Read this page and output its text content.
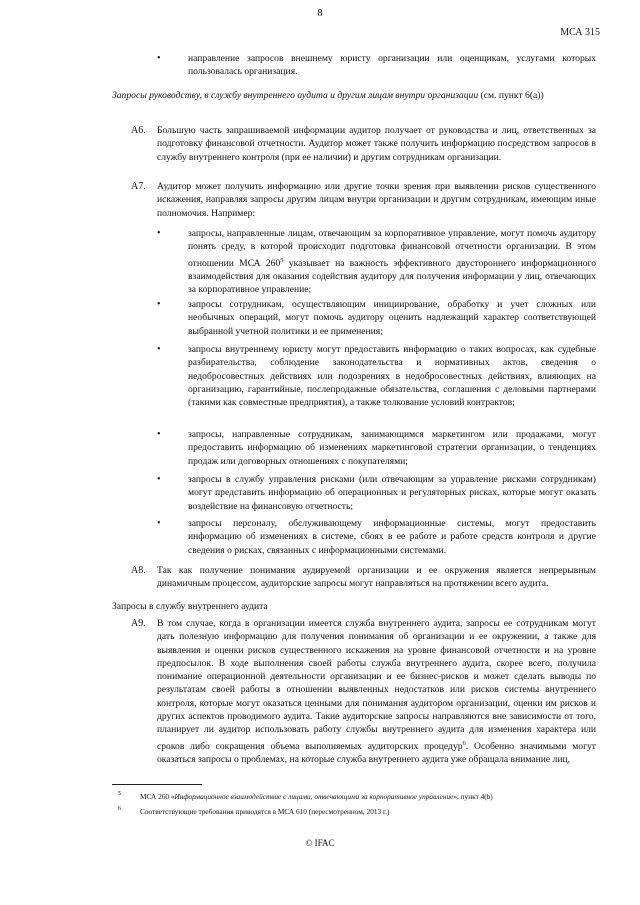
8
МСА 315
•	направление запросов внешнему юристу организации или оценщикам, услугами которых пользовалась организация.
Запросы руководству, в службу внутреннего аудита и другим лицам внутри организации (см. пункт 6(а))
A6. Большую часть запрашиваемой информации аудитор получает от руководства и лиц, ответственных за подготовку финансовой отчетности. Аудитор может также получить информацию посредством запросов в службу внутреннего контроля (при ее наличии) и другим сотрудникам организации.
A7. Аудитор может получить информацию или другие точки зрения при выявлении рисков существенного искажения, направляя запросы другим лицам внутри организации и другим сотрудникам, имеющим иные полномочия. Например:
•	запросы, направленные лицам, отвечающим за корпоративное управление, могут помочь аудитору понять среду, в которой происходит подготовка финансовой отчетности организации. В этом отношении МСА $260^5$ указывает на важность эффективного двустороннего информационного взаимодействия для оказания содействия аудитору для получения информации у лиц, отвечающих за корпоративное управление;
•	запросы сотрудникам, осуществляющим инициирование, обработку и учет сложных или необычных операций, могут помочь аудитору оценить надлежащий характер соответствующей выбранной учетной политики и ее применения;
•	запросы внутреннему юристу могут предоставить информацию о таких вопросах, как судебные разбирательства, соблюдение законодательства и нормативных актов, сведения о недобросовестных действиях или подозрениях в недобросовестных действиях, влияющих на организацию, гарантийные, послепродажные обязательства, соглашения с деловыми партнерами (такими как совместные предприятия), а также толкование условий контрактов;
•	запросы, направленные сотрудникам, занимающимся маркетингом или продажами, могут предоставить информацию об изменениях маркетинговой стратегии организации, о тенденциях продаж или договорных отношениях с покупателями;
•	запросы в службу управления рисками (или отвечающим за управление рисками сотрудникам) могут представить информацию об операционных и регуляторных рисках, которые могут оказать воздействие на финансовую отчетность;
•	запросы персоналу, обслуживающему информационные системы, могут предоставить информацию об изменениях в системе, сбоях в ее работе и работе средств контроля и другие сведения о рисках, связанных с информационными системами.
A8. Так как получение понимания аудируемой организации и ее окружения является непрерывным динамичным процессом, аудиторские запросы могут направляться на протяжении всего аудита.
Запросы в службу внутреннего аудита
A9. В том случае, когда в организации имеется служба внутреннего аудита, запросы ее сотрудникам могут дать полезную информацию для получения понимания об организации и ее окружении, а также для выявления и оценки рисков существенного искажения на уровне финансовой отчетности и на уровне предпосылок. В ходе выполнения своей работы служба внутреннего аудита, скорее всего, получила понимание операционной деятельности организации и ее бизнес-рисков и может сделать выводы по результатам своей работы в отношении выявленных недостатков или рисков системы внутреннего контроля, которые могут оказаться ценными для понимания аудитором организации, оценки им рисков и других аспектов проводимого аудита. Такие аудиторские запросы направляются вне зависимости от того, планирует ли аудитор использовать работу службы внутреннего аудита для изменения характера или сроков либо сокращения объема выполняемых аудиторских процедур$^6$. Особенно значимыми могут оказаться запросы о проблемах, на которые служба внутреннего аудита уже обращала внимание лиц,
5	МСА 260 «Информационное взаимодействие с лицами, отвечающими за корпоративное управление», пункт 4(b)
6	Соответствующие требования приводятся в МСА 610 (пересмотренном, 2013 г.)
© IFAC
